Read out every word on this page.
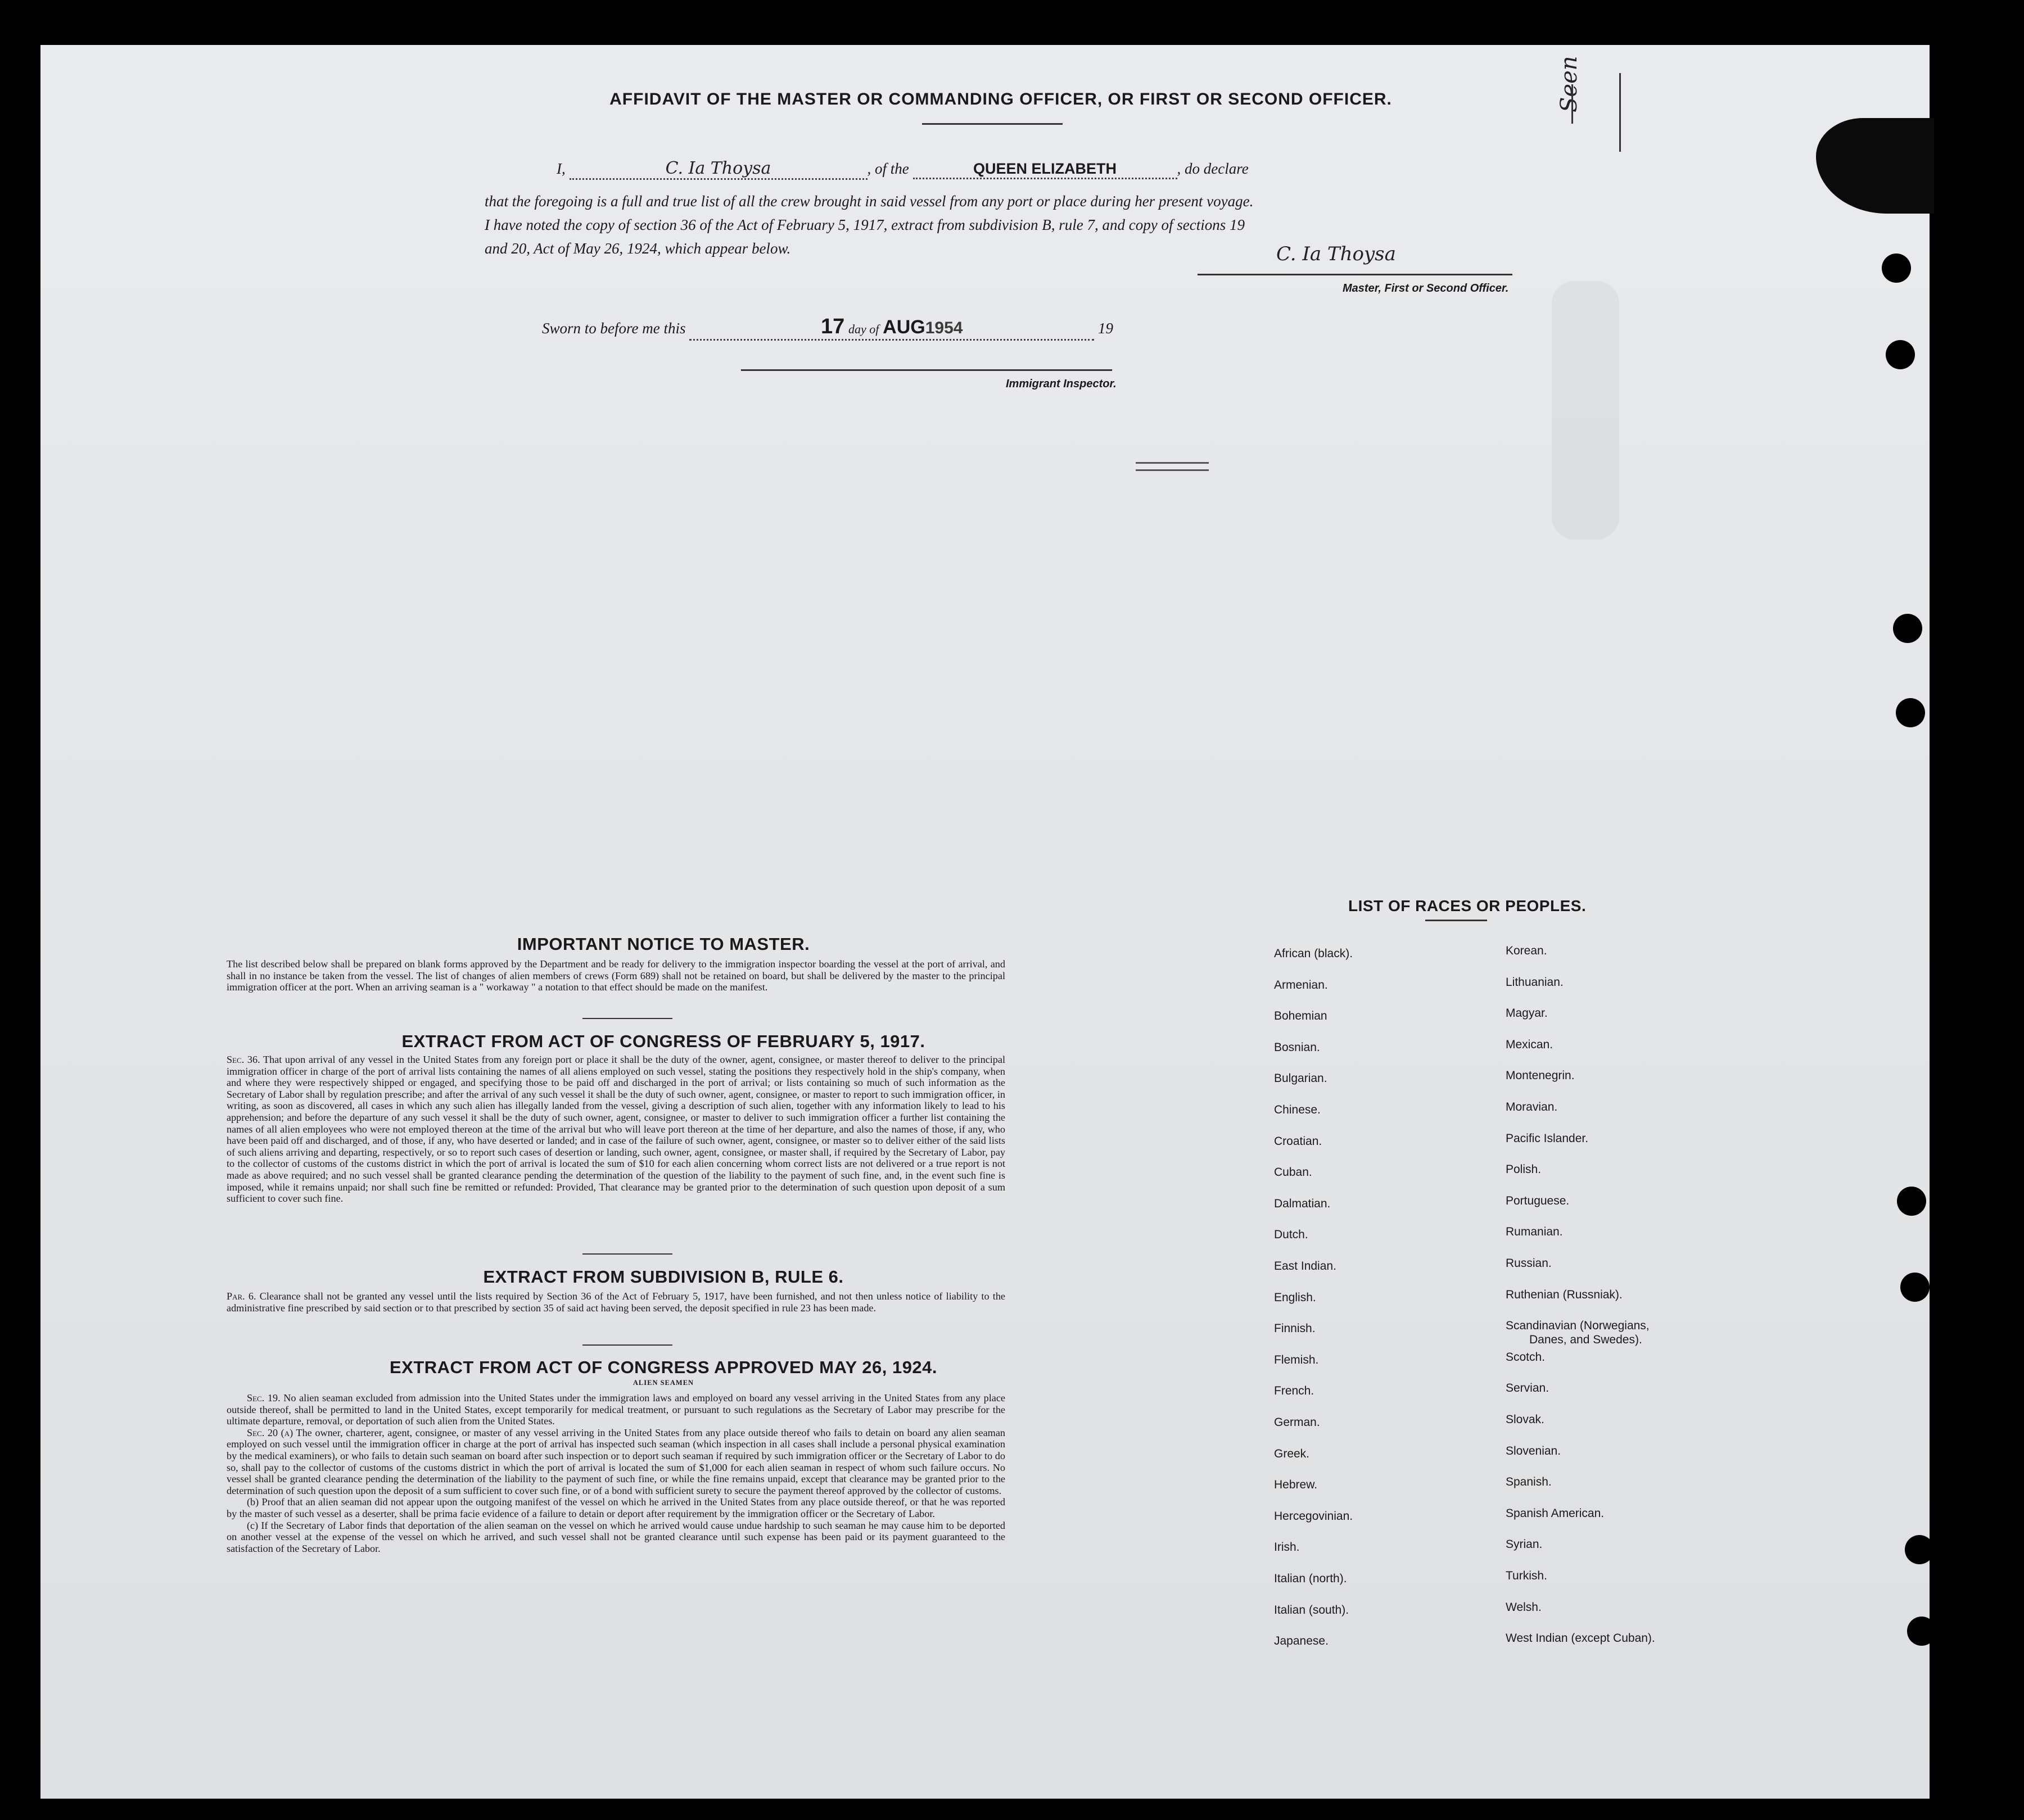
AFFIDAVIT OF THE MASTER OR COMMANDING OFFICER, OR FIRST OR SECOND OFFICER.
I,	C. Ia Thoysa	, of the	QUEEN ELIZABETH	, do declare
that the foregoing is a full and true list of all the crew brought in said vessel from any port or place during her present voyage.
I have noted the copy of section 36 of the Act of February 5, 1917, extract from subdivision B, rule 7, and copy of sections 19
and 20, Act of May 26, 1924, which appear below.	C. Ia Thoysa
Master, First or Second Officer.
Sworn to before me this	17 day of AUG1954	19
Immigrant Inspector.
Seen
IMPORTANT NOTICE TO MASTER.

The list described below shall be prepared on blank forms approved by the Department and be ready for delivery to the immigration inspector boarding the vessel at the port of arrival, and shall in no instance be taken from the vessel. The list of changes of alien members of crews (Form 689) shall not be retained on board, but shall be delivered by the master to the principal immigration officer at the port. When an arriving seaman is a " workaway " a notation to that effect should be made on the manifest.

EXTRACT FROM ACT OF CONGRESS OF FEBRUARY 5, 1917.

Sec. 36. That upon arrival of any vessel in the United States from any foreign port or place it shall be the duty of the owner, agent, consignee, or master thereof to deliver to the principal immigration officer in charge of the port of arrival lists containing the names of all aliens employed on such vessel, stating the positions they respectively hold in the ship's company, when and where they were respectively shipped or engaged, and specifying those to be paid off and discharged in the port of arrival; or lists containing so much of such information as the Secretary of Labor shall by regulation prescribe; and after the arrival of any such vessel it shall be the duty of such owner, agent, consignee, or master to report to such immigration officer, in writing, as soon as discovered, all cases in which any such alien has illegally landed from the vessel, giving a description of such alien, together with any information likely to lead to his apprehension; and before the departure of any such vessel it shall be the duty of such owner, agent, consignee, or master to deliver to such immigration officer a further list containing the names of all alien employees who were not employed thereon at the time of the arrival but who will leave port thereon at the time of her departure, and also the names of those, if any, who have been paid off and discharged, and of those, if any, who have deserted or landed; and in case of the failure of such owner, agent, consignee, or master so to deliver either of the said lists of such aliens arriving and departing, respectively, or so to report such cases of desertion or landing, such owner, agent, consignee, or master shall, if required by the Secretary of Labor, pay to the collector of customs of the customs district in which the port of arrival is located the sum of $10 for each alien concerning whom correct lists are not delivered or a true report is not made as above required; and no such vessel shall be granted clearance pending the determination of the question of the liability to the payment of such fine, and, in the event such fine is imposed, while it remains unpaid; nor shall such fine be remitted or refunded: Provided, That clearance may be granted prior to the determination of such question upon deposit of a sum sufficient to cover such fine.

EXTRACT FROM SUBDIVISION B, RULE 6.

Par. 6. Clearance shall not be granted any vessel until the lists required by Section 36 of the Act of February 5, 1917, have been furnished, and not then unless notice of liability to the administrative fine prescribed by said section or to that prescribed by section 35 of said act having been served, the deposit specified in rule 23 has been made.

EXTRACT FROM ACT OF CONGRESS APPROVED MAY 26, 1924.
ALIEN SEAMEN

Sec. 19. No alien seaman excluded from admission into the United States under the immigration laws and employed on board any vessel arriving in the United States from any place outside thereof, shall be permitted to land in the United States, except temporarily for medical treatment, or pursuant to such regulations as the Secretary of Labor may prescribe for the ultimate departure, removal, or deportation of such alien from the United States.

Sec. 20 (a) The owner, charterer, agent, consignee, or master of any vessel arriving in the United States from any place outside thereof who fails to detain on board any alien seaman employed on such vessel until the immigration officer in charge at the port of arrival has inspected such seaman (which inspection in all cases shall include a personal physical examination by the medical examiners), or who fails to detain such seaman on board after such inspection or to deport such seaman if required by such immigration officer or the Secretary of Labor to do so, shall pay to the collector of customs of the customs district in which the port of arrival is located the sum of $1,000 for each alien seaman in respect of whom such failure occurs. No vessel shall be granted clearance pending the determination of the liability to the payment of such fine, or while the fine remains unpaid, except that clearance may be granted prior to the determination of such question upon the deposit of a sum sufficient to cover such fine, or of a bond with sufficient surety to secure the payment thereof approved by the collector of customs.

(b) Proof that an alien seaman did not appear upon the outgoing manifest of the vessel on which he arrived in the United States from any place outside thereof, or that he was reported by the master of such vessel as a deserter, shall be prima facie evidence of a failure to detain or deport after requirement by the immigration officer or the Secretary of Labor.

(c) If the Secretary of Labor finds that deportation of the alien seaman on the vessel on which he arrived would cause undue hardship to such seaman he may cause him to be deported on another vessel at the expense of the vessel on which he arrived, and such vessel shall not be granted clearance until such expense has been paid or its payment guaranteed to the satisfaction of the Secretary of Labor.

LIST OF RACES OR PEOPLES.
African (black).
Armenian.
Bohemian
Bosnian.
Bulgarian.
Chinese.
Croatian.
Cuban.
Dalmatian.
Dutch.
East Indian.
English.
Finnish.
Flemish.
French.
German.
Greek.
Hebrew.
Hercegovinian.
Irish.
Italian (north).
Italian (south).
Japanese.
Korean.
Lithuanian.
Magyar.
Mexican.
Montenegrin.
Moravian.
Pacific Islander.
Polish.
Portuguese.
Rumanian.
Russian.
Ruthenian (Russniak).
Scandinavian (Norwegians,
Scotch.
Servian.
Slovak.
Slovenian.
Spanish.
Spanish American.
Syrian.
Turkish.
Welsh.
West Indian (except Cuban).
Danes, and Swedes).
